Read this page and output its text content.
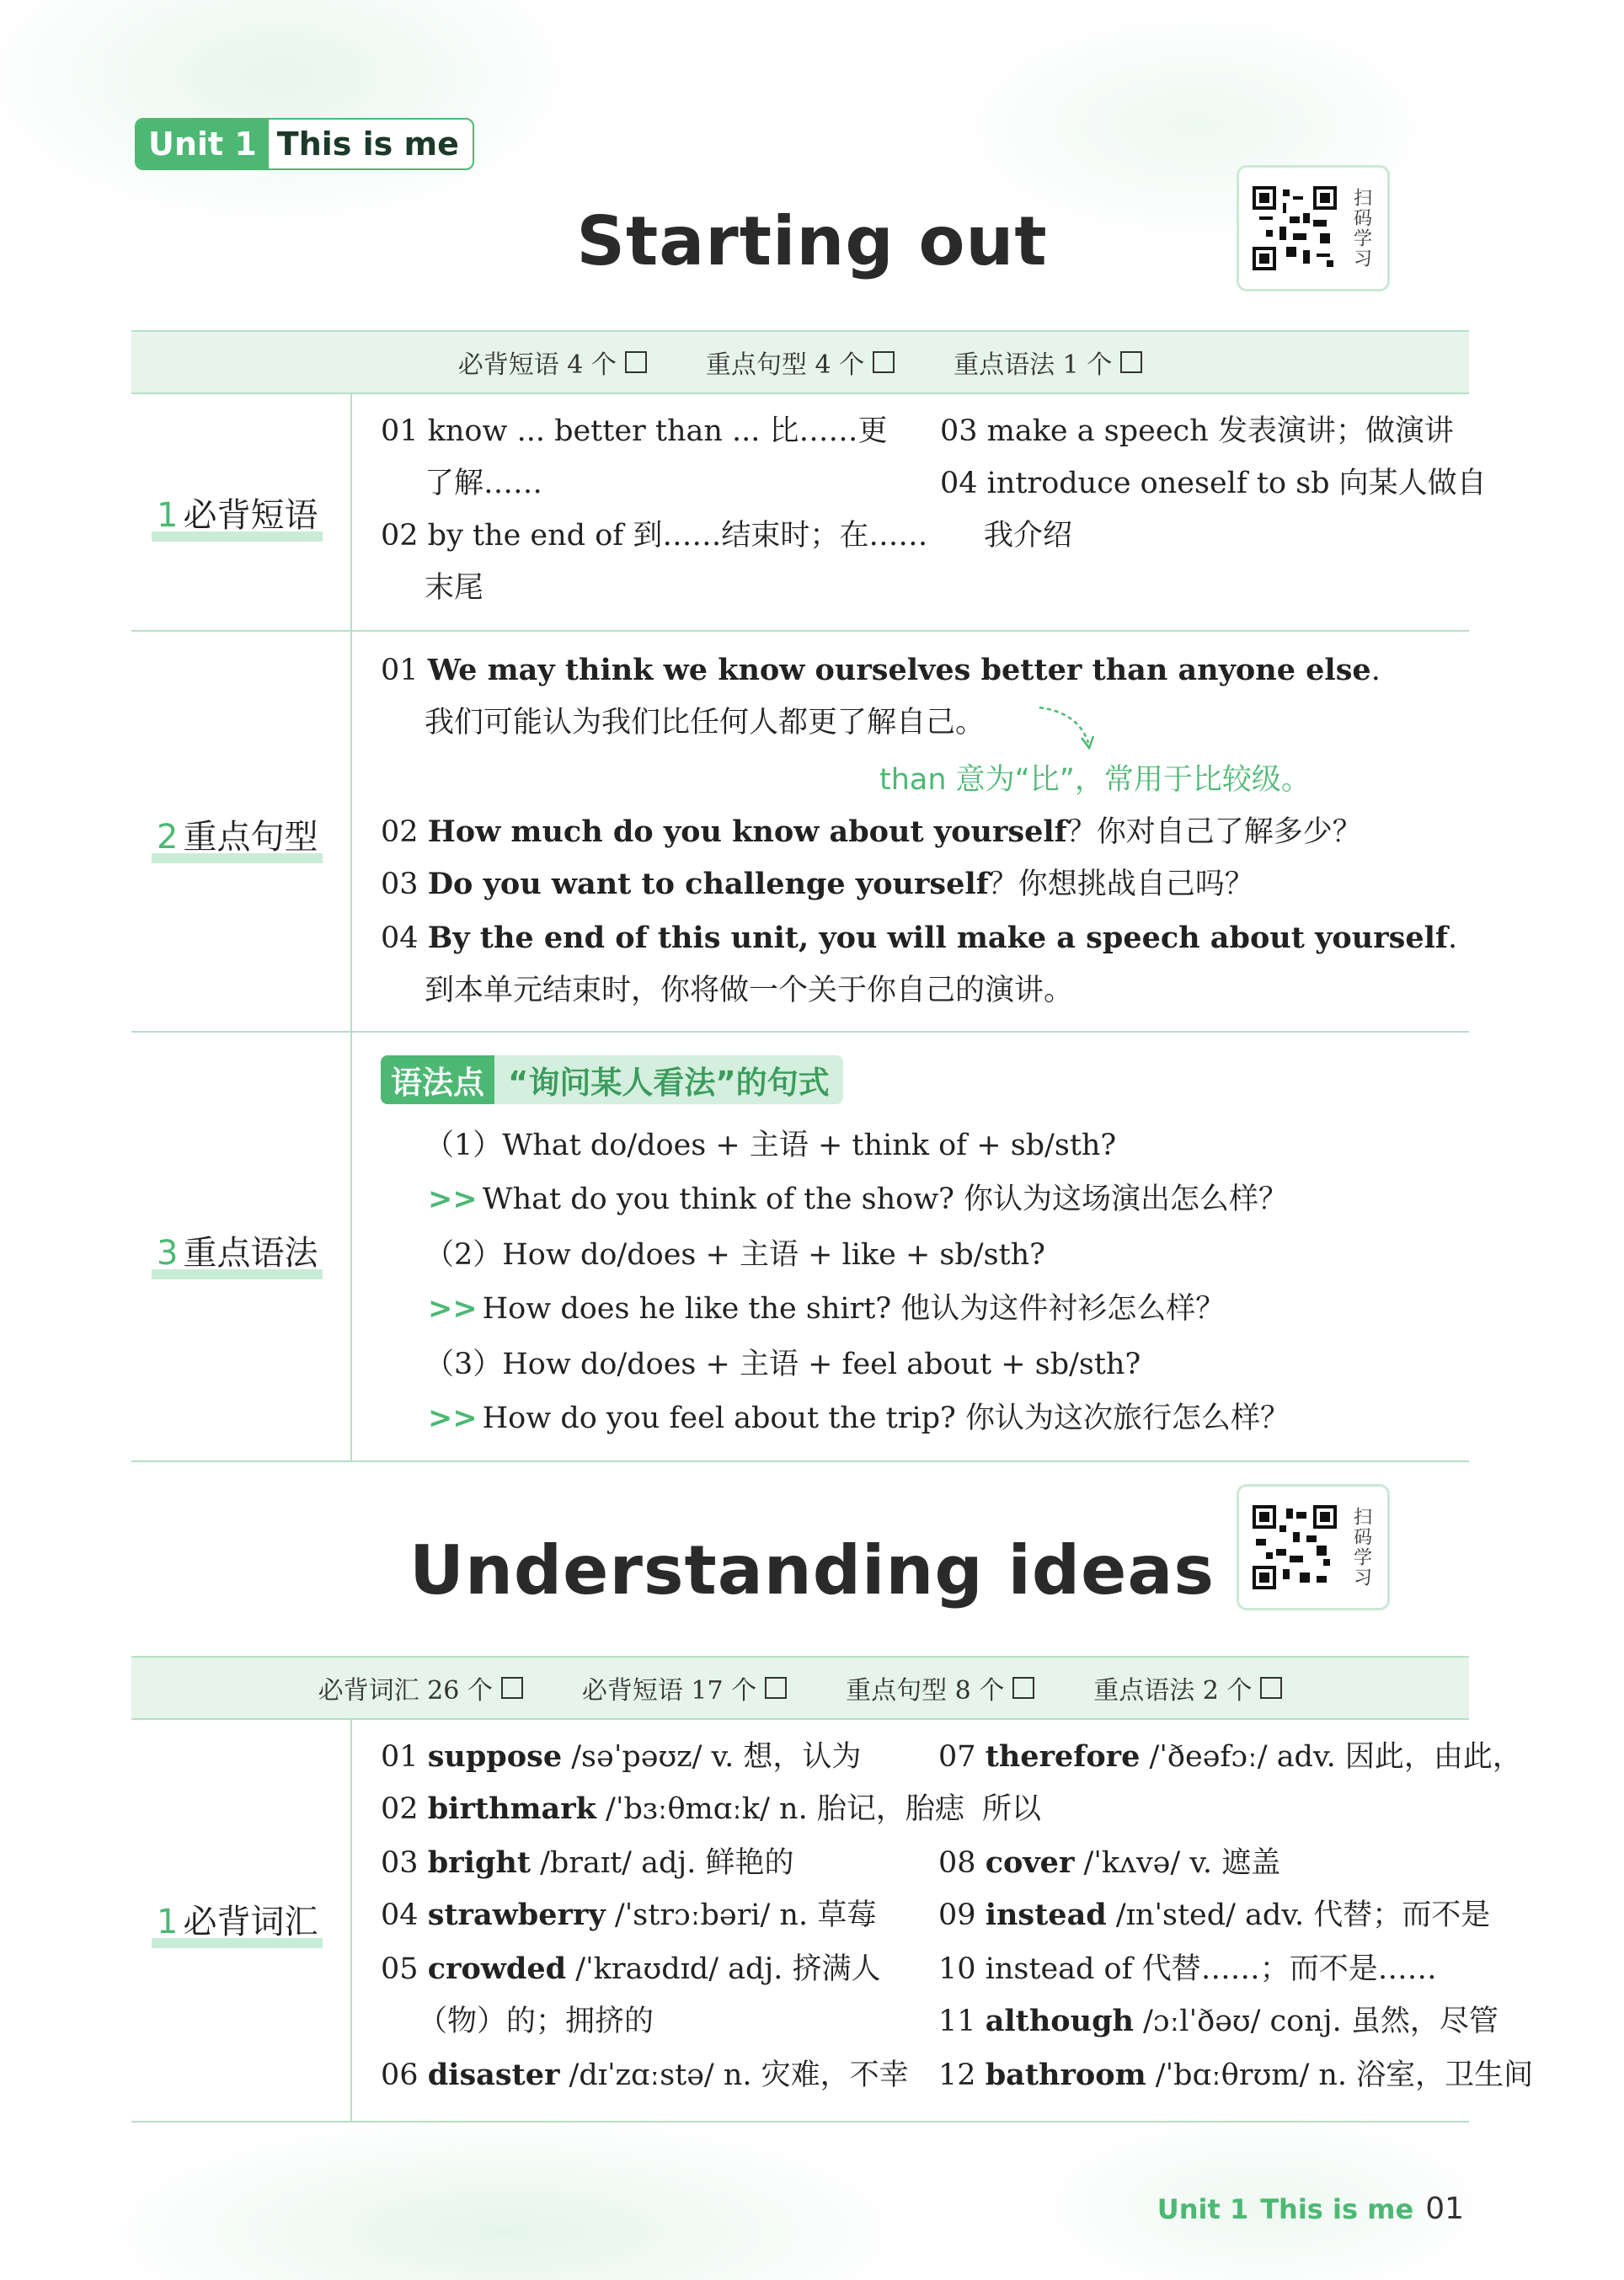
Unit 1 This is me
Starting out	扫码学习
必背短语 4 个	重点句型 4 个	重点语法 1 个
1 必背短语
01 know ... better than ... 比……更
了解……
02 by the end of 到……结束时；在……
末尾
03 make a speech 发表演讲；做演讲
04 introduce oneself to sb 向某人做自
我介绍
2 重点句型
01 We may think we know ourselves better than anyone else.
我们可能认为我们比任何人都更了解自己。
than 意为“比”，常用于比较级。
02 How much do you know about yourself？你对自己了解多少？
03 Do you want to challenge yourself？你想挑战自己吗？
04 By the end of this unit, you will make a speech about yourself.
到本单元结束时，你将做一个关于你自己的演讲。
3 重点语法
语法点 “询问某人看法”的句式
（1）What do/does + 主语 + think of + sb/sth?
>> What do you think of the show? 你认为这场演出怎么样？
（2）How do/does + 主语 + like + sb/sth?
>> How does he like the shirt? 他认为这件衬衫怎么样？
（3）How do/does + 主语 + feel about + sb/sth?
>> How do you feel about the trip? 你认为这次旅行怎么样？
Understanding ideas	扫码学习
必背词汇 26 个	必背短语 17 个	重点句型 8 个	重点语法 2 个
1 必背词汇
01 suppose /səˈpəʊz/ v. 想，认为
02 birthmark /ˈbɜːθmɑːk/ n. 胎记，胎痣
03 bright /braɪt/ adj. 鲜艳的
04 strawberry /ˈstrɔːbəri/ n. 草莓
05 crowded /ˈkraʊdɪd/ adj. 挤满人
（物）的；拥挤的
06 disaster /dɪˈzɑːstə/ n. 灾难，不幸
07 therefore /ˈðeəfɔː/ adv. 因此，由此，
所以
08 cover /ˈkʌvə/ v. 遮盖
09 instead /ɪnˈsted/ adv. 代替；而不是
10 instead of 代替……；而不是……
11 although /ɔːlˈðəʊ/ conj. 虽然，尽管
12 bathroom /ˈbɑːθrʊm/ n. 浴室，卫生间
Unit 1 This is me 01
